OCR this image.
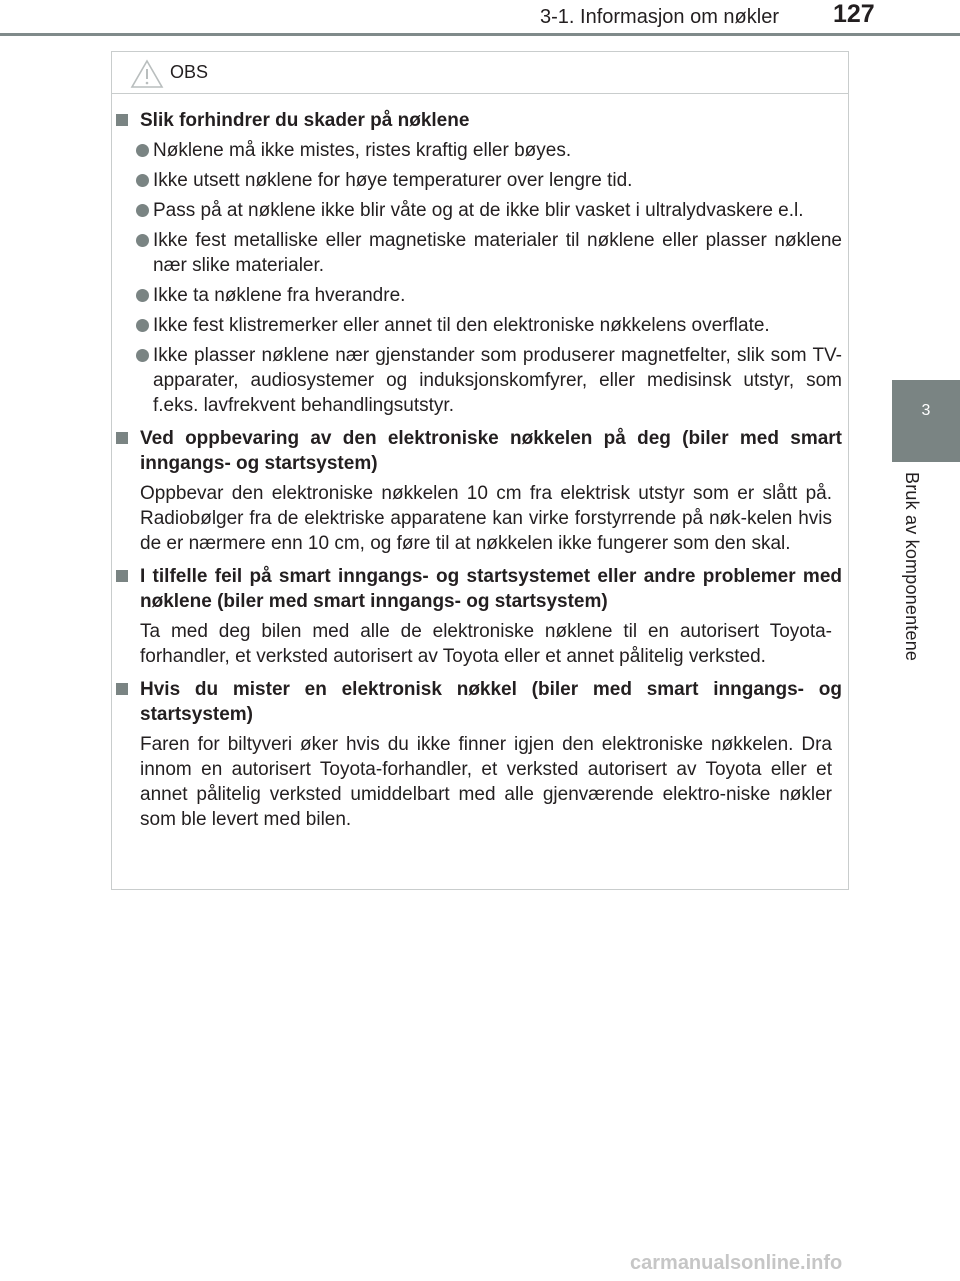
3-1. Informasjon om nøkler 127
3
Bruk av komponentene
OBS
Slik forhindrer du skader på nøklene
Nøklene må ikke mistes, ristes kraftig eller bøyes.
Ikke utsett nøklene for høye temperaturer over lengre tid.
Pass på at nøklene ikke blir våte og at de ikke blir vasket i ultralydvaskere e.l.
Ikke fest metalliske eller magnetiske materialer til nøklene eller plasser nøklene nær slike materialer.
Ikke ta nøklene fra hverandre.
Ikke fest klistremerker eller annet til den elektroniske nøkkelens overflate.
Ikke plasser nøklene nær gjenstander som produserer magnetfelter, slik som TV-apparater, audiosystemer og induksjonskomfyrer, eller medisinsk utstyr, som f.eks. lavfrekvent behandlingsutstyr.
Ved oppbevaring av den elektroniske nøkkelen på deg (biler med smart inngangs- og startsystem)
Oppbevar den elektroniske nøkkelen 10 cm fra elektrisk utstyr som er slått på. Radiobølger fra de elektriske apparatene kan virke forstyrrende på nøk-kelen hvis de er nærmere enn 10 cm, og føre til at nøkkelen ikke fungerer som den skal.
I tilfelle feil på smart inngangs- og startsystemet eller andre problemer med nøklene (biler med smart inngangs- og startsystem)
Ta med deg bilen med alle de elektroniske nøklene til en autorisert Toyota-forhandler, et verksted autorisert av Toyota eller et annet pålitelig verksted.
Hvis du mister en elektronisk nøkkel (biler med smart inngangs- og startsystem)
Faren for biltyveri øker hvis du ikke finner igjen den elektroniske nøkkelen. Dra innom en autorisert Toyota-forhandler, et verksted autorisert av Toyota eller et annet pålitelig verksted umiddelbart med alle gjenværende elektro-niske nøkler som ble levert med bilen.
carmanualsonline.info
